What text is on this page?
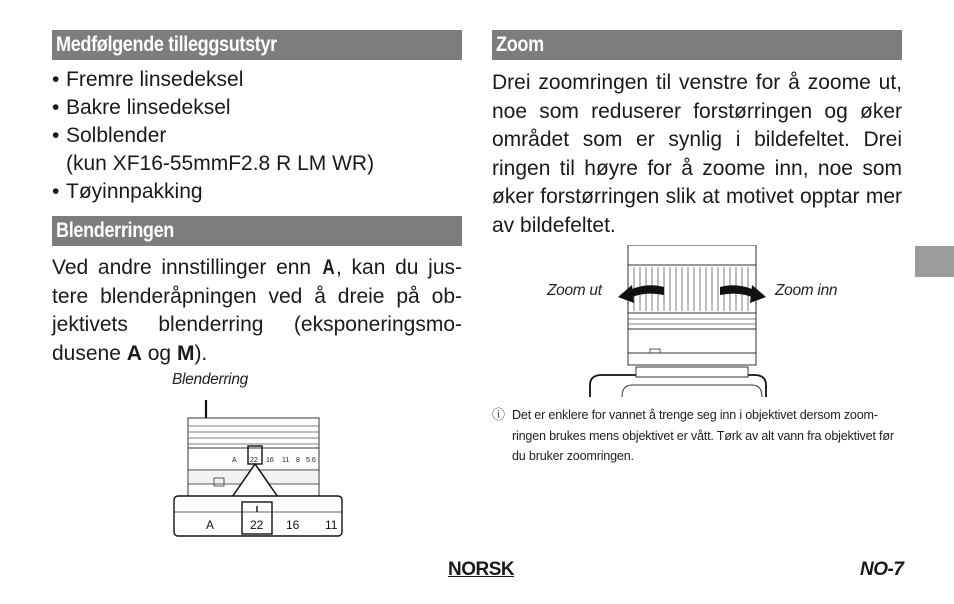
Medfølgende tilleggsutstyr
• Fremre linsedeksel
• Bakre linsedeksel
• Solblender
(kun XF16-55mmF2.8 R LM WR)
• Tøyinnpakking
Blenderringen

Ved andre innstillinger enn A, kan du jus-tere blenderåpningen ved å dreie på ob-jektivets blenderring (eksponeringsmo-dusene A og M).

Blenderring
A 22 16 11 8 5.6
A	22 16 11
Zoom

Drei zoomringen til venstre for å zoome ut, noe som reduserer forstørringen og øker området som er synlig i bildefeltet. Drei ringen til høyre for å zoome inn, noe som øker forstørringen slik at motivet opptar mer av bildefeltet.

Zoom ut	Zoom inn
ⓘ Det er enklere for vannet å trenge seg inn i objektivet dersom zoom-ringen brukes mens objektivet er vått. Tørk av alt vann fra objektivet før du bruker zoomringen.
NORSK	NO-7
